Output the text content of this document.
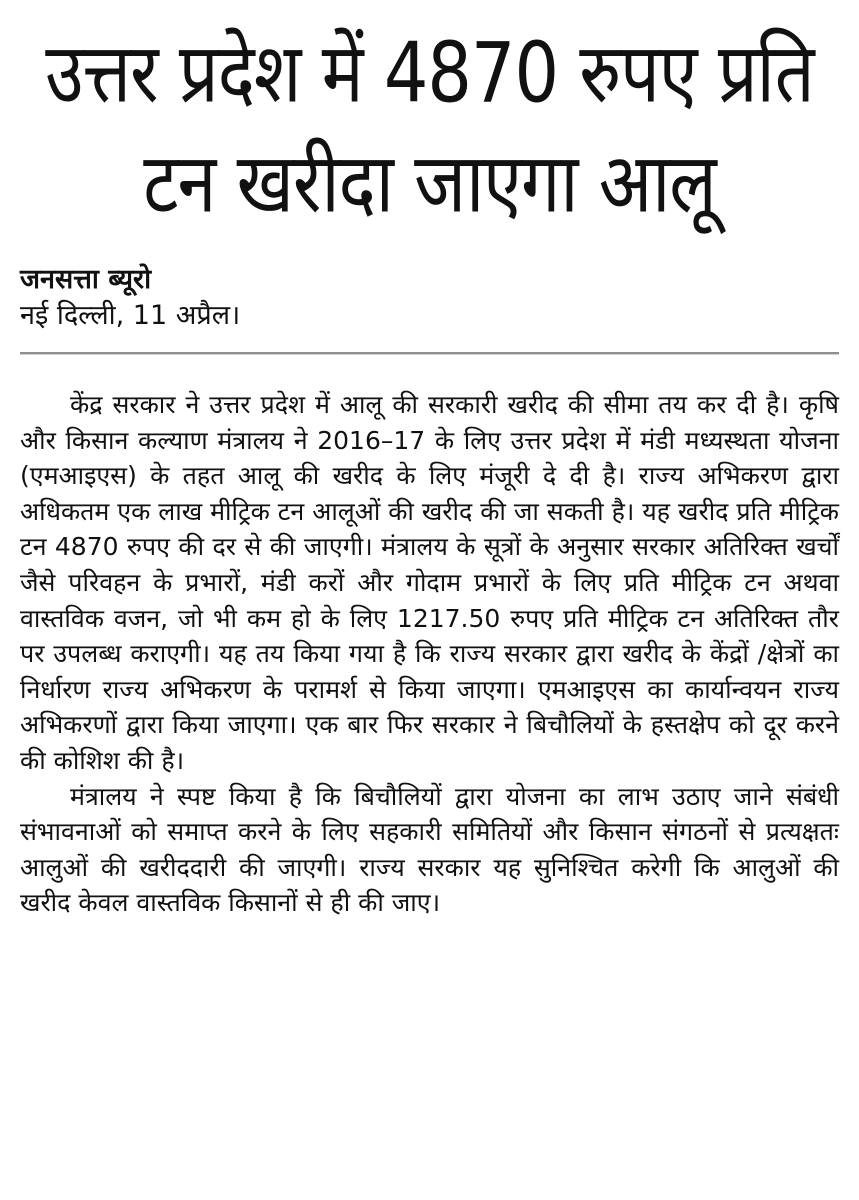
उत्तर प्रदेश में 4870 रुपए प्रति
टन खरीदा जाएगा आलू
जनसत्ता ब्यूरो
नई दिल्ली, 11 अप्रैल।

केंद्र सरकार ने उत्तर प्रदेश में आलू की सरकारी खरीद की सीमा तय कर दी है। कृषि और किसान कल्याण मंत्रालय ने 2016–17 के लिए उत्तर प्रदेश में मंडी मध्यस्थता योजना (एमआइएस) के तहत आलू की खरीद के लिए मंजूरी दे दी है। राज्य अभिकरण द्वारा अधिकतम एक लाख मीट्रिक टन आलूओं की खरीद की जा सकती है। यह खरीद प्रति मीट्रिक टन 4870 रुपए की दर से की जाएगी। मंत्रालय के सूत्रों के अनुसार सरकार अतिरिक्त खर्चों जैसे परिवहन के प्रभारों, मंडी करों और गोदाम प्रभारों के लिए प्रति मीट्रिक टन अथवा वास्तविक वजन, जो भी कम हो के लिए 1217.50 रुपए प्रति मीट्रिक टन अतिरिक्त तौर पर उपलब्ध कराएगी। यह तय किया गया है कि राज्य सरकार द्वारा खरीद के केंद्रों /क्षेत्रों का निर्धारण राज्य अभिकरण के परामर्श से किया जाएगा। एमआइएस का कार्यान्वयन राज्य अभिकरणों द्वारा किया जाएगा। एक बार फिर सरकार ने बिचौलियों के हस्तक्षेप को दूर करने की कोशिश की है।

मंत्रालय ने स्पष्ट किया है कि बिचौलियों द्वारा योजना का लाभ उठाए जाने संबंधी संभावनाओं को समाप्त करने के लिए सहकारी समितियों और किसान संगठनों से प्रत्यक्षतः आलुओं की खरीददारी की जाएगी। राज्य सरकार यह सुनिश्चित करेगी कि आलुओं की खरीद केवल वास्तविक किसानों से ही की जाए।
